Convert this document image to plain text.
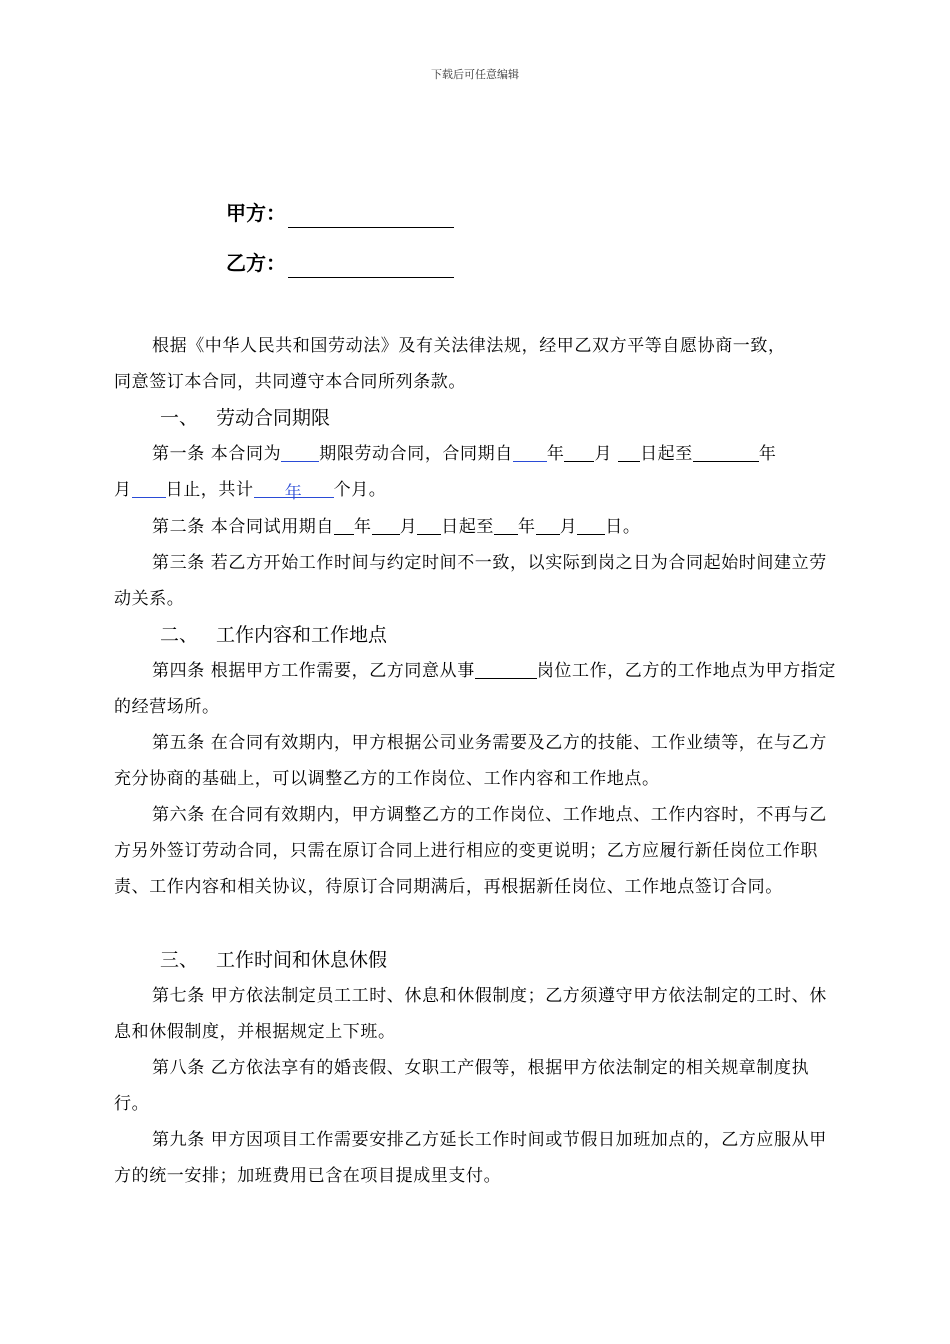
下载后可任意编辑
甲方：
乙方：

根据《中华人民共和国劳动法》及有关法律法规，经甲乙双方平等自愿协商一致，

同意签订本合同，共同遵守本合同所列条款。

一、 劳动合同期限

第一条 本合同为 期限劳动合同，合同期自 年 月 日起至	年

月 日止，共计 年 个月。

第二条 本合同试用期自 年 月 日起至 年 月 日。

第三条 若乙方开始工作时间与约定时间不一致，以实际到岗之日为合同起始时间建立劳动关系。

二、 工作内容和工作地点

第四条 根据甲方工作需要，乙方同意从事	岗位工作，乙方的工作地点为甲方指定的经营场所。

第五条 在合同有效期内，甲方根据公司业务需要及乙方的技能、工作业绩等，在与乙方充分协商的基础上，可以调整乙方的工作岗位、工作内容和工作地点。

第六条 在合同有效期内，甲方调整乙方的工作岗位、工作地点、工作内容时，不再与乙方另外签订劳动合同，只需在原订合同上进行相应的变更说明；乙方应履行新任岗位工作职责、工作内容和相关协议，待原订合同期满后，再根据新任岗位、工作地点签订合同。

三、 工作时间和休息休假

第七条 甲方依法制定员工工时、休息和休假制度；乙方须遵守甲方依法制定的工时、休息和休假制度，并根据规定上下班。

第八条 乙方依法享有的婚丧假、女职工产假等，根据甲方依法制定的相关规章制度执行。

第九条 甲方因项目工作需要安排乙方延长工作时间或节假日加班加点的，乙方应服从甲方的统一安排；加班费用已含在项目提成里支付。
